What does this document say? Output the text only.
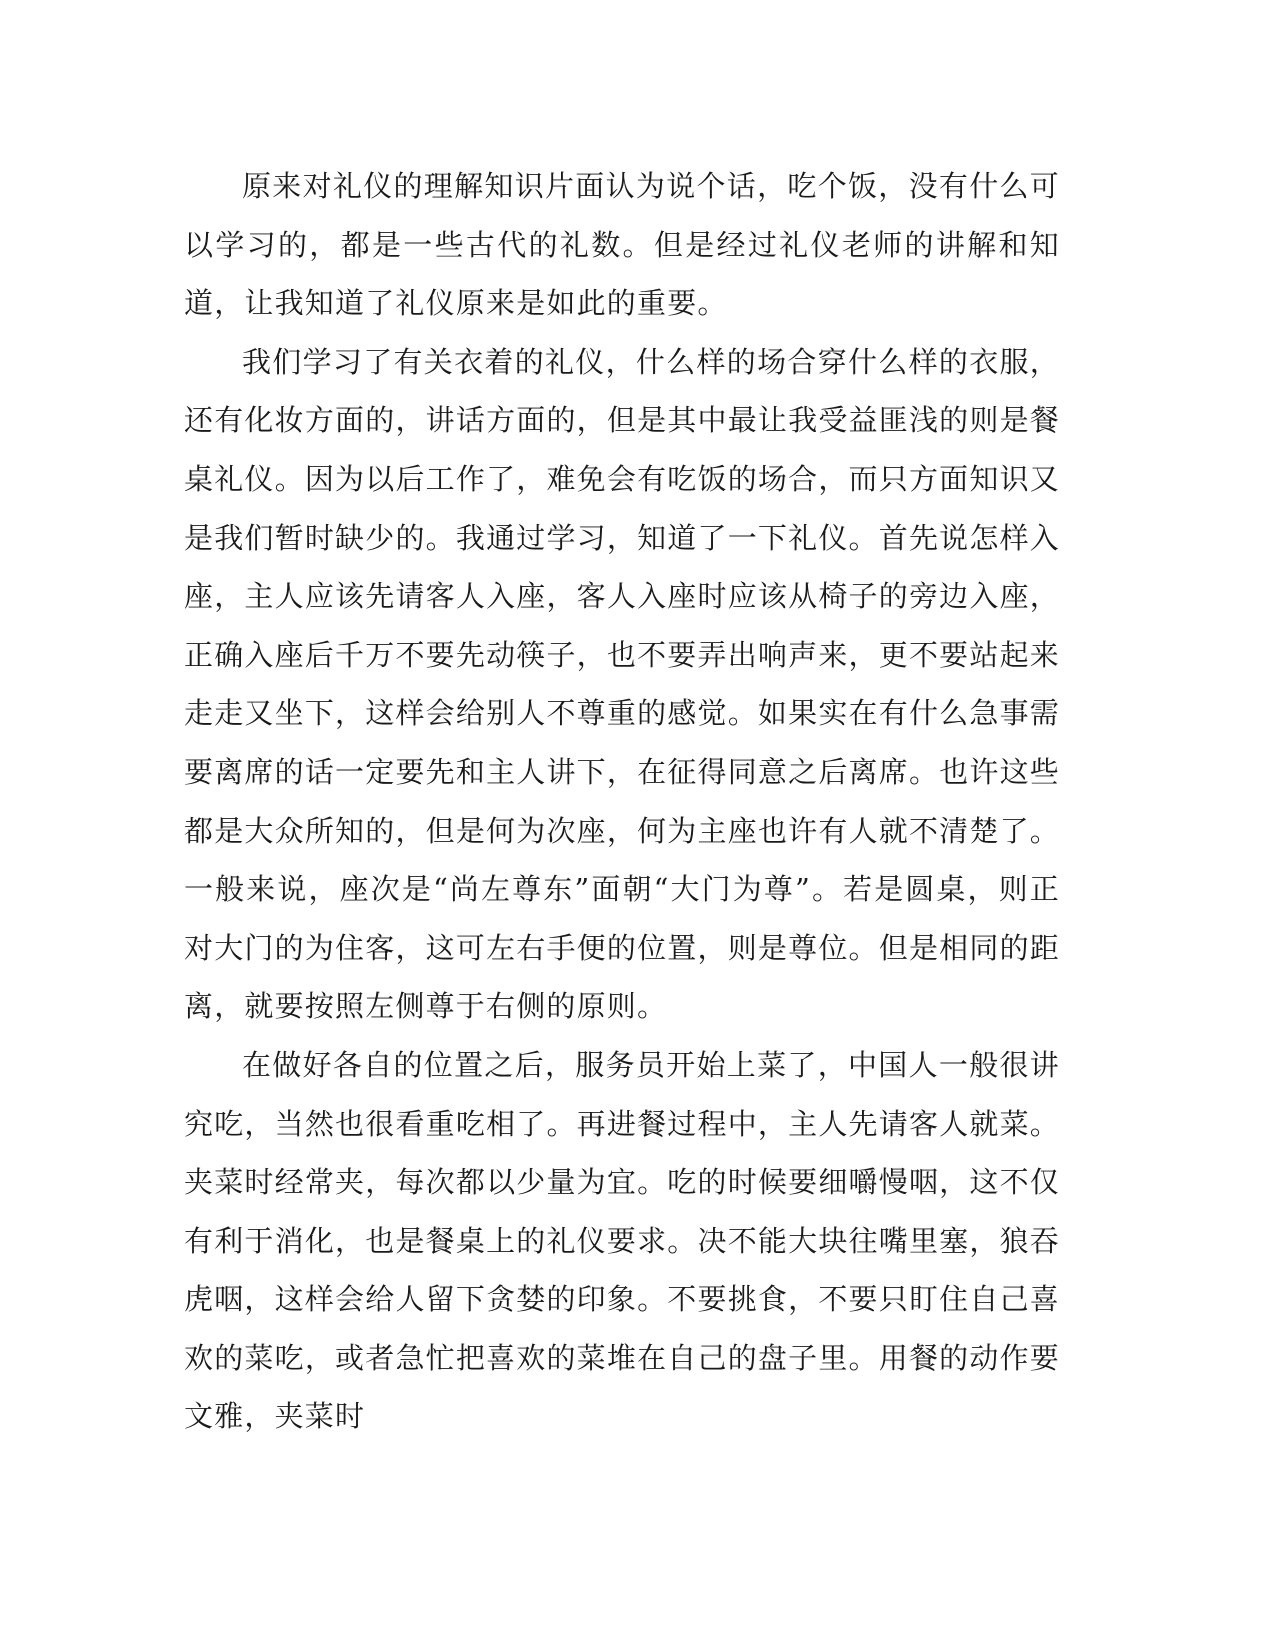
原来对礼仪的理解知识片面认为说个话，吃个饭，没有什么可以学习的，都是一些古代的礼数。但是经过礼仪老师的讲解和知道，让我知道了礼仪原来是如此的重要。

我们学习了有关衣着的礼仪，什么样的场合穿什么样的衣服，还有化妆方面的，讲话方面的，但是其中最让我受益匪浅的则是餐桌礼仪。因为以后工作了，难免会有吃饭的场合，而只方面知识又是我们暂时缺少的。我通过学习，知道了一下礼仪。首先说怎样入座，主人应该先请客人入座，客人入座时应该从椅子的旁边入座，正确入座后千万不要先动筷子，也不要弄出响声来，更不要站起来走走又坐下，这样会给别人不尊重的感觉。如果实在有什么急事需要离席的话一定要先和主人讲下，在征得同意之后离席。也许这些都是大众所知的，但是何为次座，何为主座也许有人就不清楚了。一般来说，座次是“尚左尊东”面朝“大门为尊”。若是圆桌，则正对大门的为住客，这可左右手便的位置，则是尊位。但是相同的距离，就要按照左侧尊于右侧的原则。

在做好各自的位置之后，服务员开始上菜了，中国人一般很讲究吃，当然也很看重吃相了。再进餐过程中，主人先请客人就菜。夹菜时经常夹，每次都以少量为宜。吃的时候要细嚼慢咽，这不仅有利于消化，也是餐桌上的礼仪要求。决不能大块往嘴里塞，狼吞虎咽，这样会给人留下贪婪的印象。不要挑食，不要只盯住自己喜欢的菜吃，或者急忙把喜欢的菜堆在自己的盘子里。用餐的动作要文雅，夹菜时
